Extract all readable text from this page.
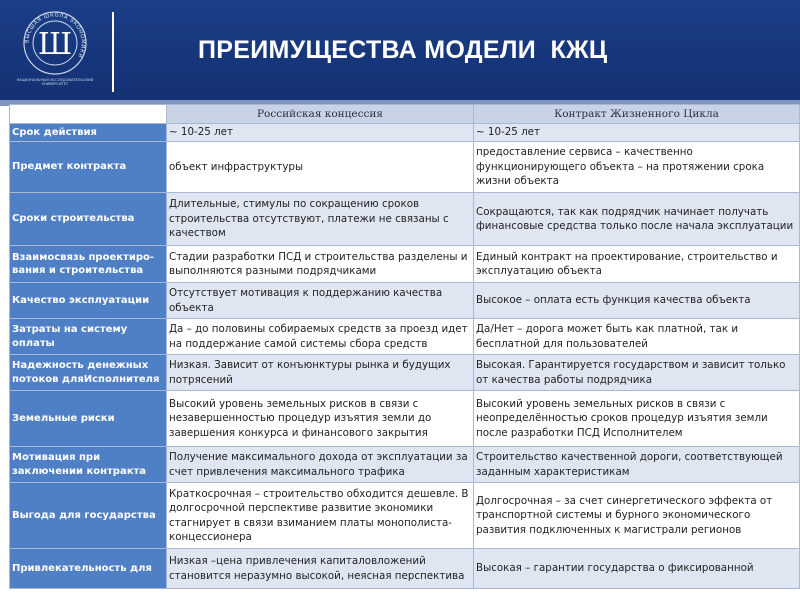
ВЫСШАЯ ШКОЛА ЭКОНОМИКИ
Ш
НАЦИОНАЛЬНЫЙ ИССЛЕДОВАТЕЛЬСКИЙ УНИВЕРСИТЕТ
ПРЕИМУЩЕСТВА МОДЕЛИ  КЖЦ
	Российская концессия	Контракт Жизненного Цикла
Срок действия	~ 10-25 лет	~ 10-25 лет
Предмет контракта	объект инфраструктуры	предоставление сервиса – качественно функционирующего объекта – на протяжении срока жизни объекта
Сроки строительства	Длительные, стимулы по сокращению сроков строительства отсутствуют, платежи не связаны с качеством	Сокращаются, так как подрядчик начинает получать финансовые средства только после начала эксплуатации
Взаимосвязь проектиро-вания и строительства	Стадии разработки ПСД и строительства разделены и выполняются разными подрядчиками	Единый контракт на проектирование, строительство и эксплуатацию объекта
Качество эксплуатации	Отсутствует мотивация к поддержанию качества объекта	Высокое – оплата есть функция качества объекта
Затраты на систему оплаты	Да – до половины собираемых средств за проезд идет на поддержание самой системы сбора средств	Да/Нет – дорога может быть как платной, так и бесплатной для пользователей
Надежность денежных потоков дляИсполнителя	Низкая. Зависит от конъюнктуры рынка и будущих потрясений	Высокая. Гарантируется государством и зависит только от качества работы подрядчика
Земельные риски	Высокий уровень земельных рисков в связи с незавершенностью процедур изъятия земли до завершения конкурса и финансового закрытия	Высокий уровень земельных рисков в связи с неопределённостью сроков процедур изъятия земли после разработки ПСД Исполнителем
Мотивация при заключении контракта	Получение максимального дохода от эксплуатации за счет привлечения максимального трафика	Строительство качественной дороги, соответствующей заданным характеристикам
Выгода для государства	Краткосрочная – строительство обходится дешевле. В долгосрочной перспективе развитие экономики стагнирует в связи взиманием платы монополиста-концессионера	Долгосрочная – за счет синергетического эффекта от транспортной системы и бурного экономического развития подключенных к магистрали регионов
Привлекательность для	Низкая –цена привлечения капиталовложений становится неразумно высокой, неясная перспектива	Высокая – гарантии государства о фиксированной
